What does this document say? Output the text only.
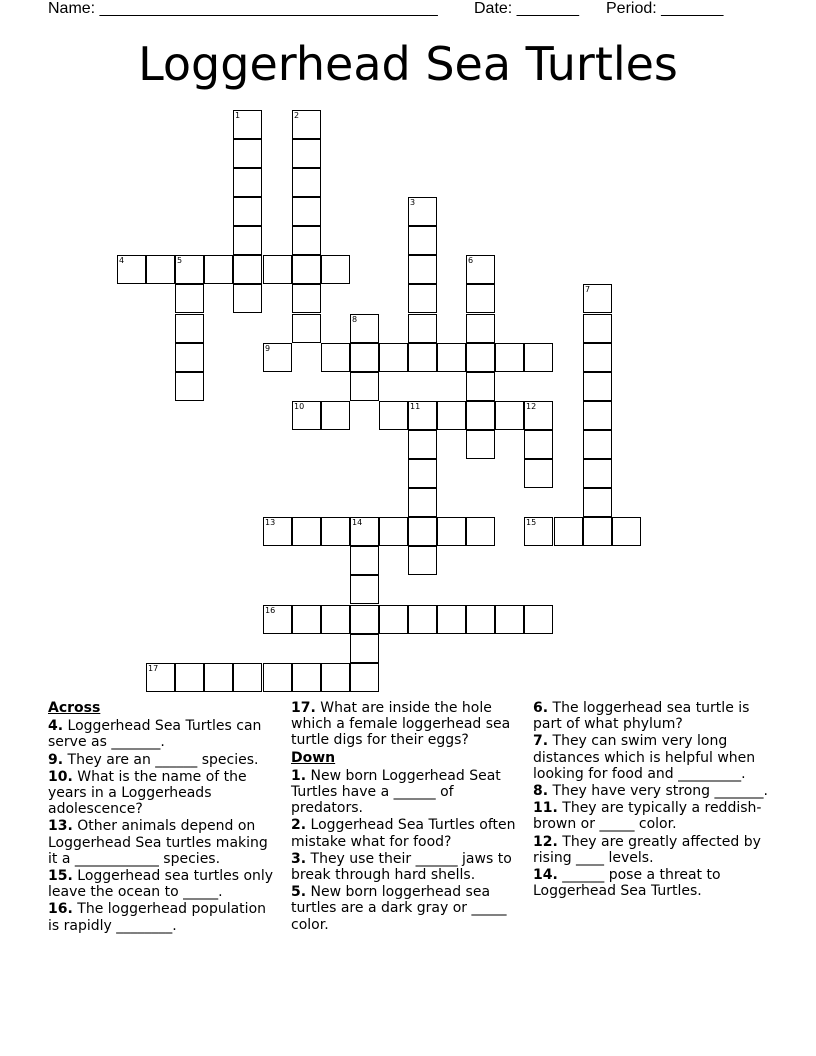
Name: ______________________________________ Date: _______ Period: _______
Loggerhead Sea Turtles
1	2
3
4	5	6
7
8
9
10	11	12
13	14	15
16
17
Across
4. Loggerhead Sea Turtles can serve as _______.
9. They are an ______ species.
10. What is the name of the years in a Loggerheads adolescence?
13. Other animals depend on Loggerhead Sea turtles making it a ____________ species.
15. Loggerhead sea turtles only leave the ocean to _____.
16. The loggerhead population is rapidly ________.
17. What are inside the hole which a female loggerhead sea turtle digs for their eggs?
Down
1. New born Loggerhead Seat Turtles have a ______ of predators.
2. Loggerhead Sea Turtles often mistake what for food?
3. They use their ______ jaws to break through hard shells.
5. New born loggerhead sea turtles are a dark gray or _____ color.
6. The loggerhead sea turtle is part of what phylum?
7. They can swim very long distances which is helpful when looking for food and _________.
8. They have very strong _______.
11. They are typically a reddish- brown or _____ color.
12. They are greatly affected by rising ____ levels.
14. ______ pose a threat to Loggerhead Sea Turtles.
